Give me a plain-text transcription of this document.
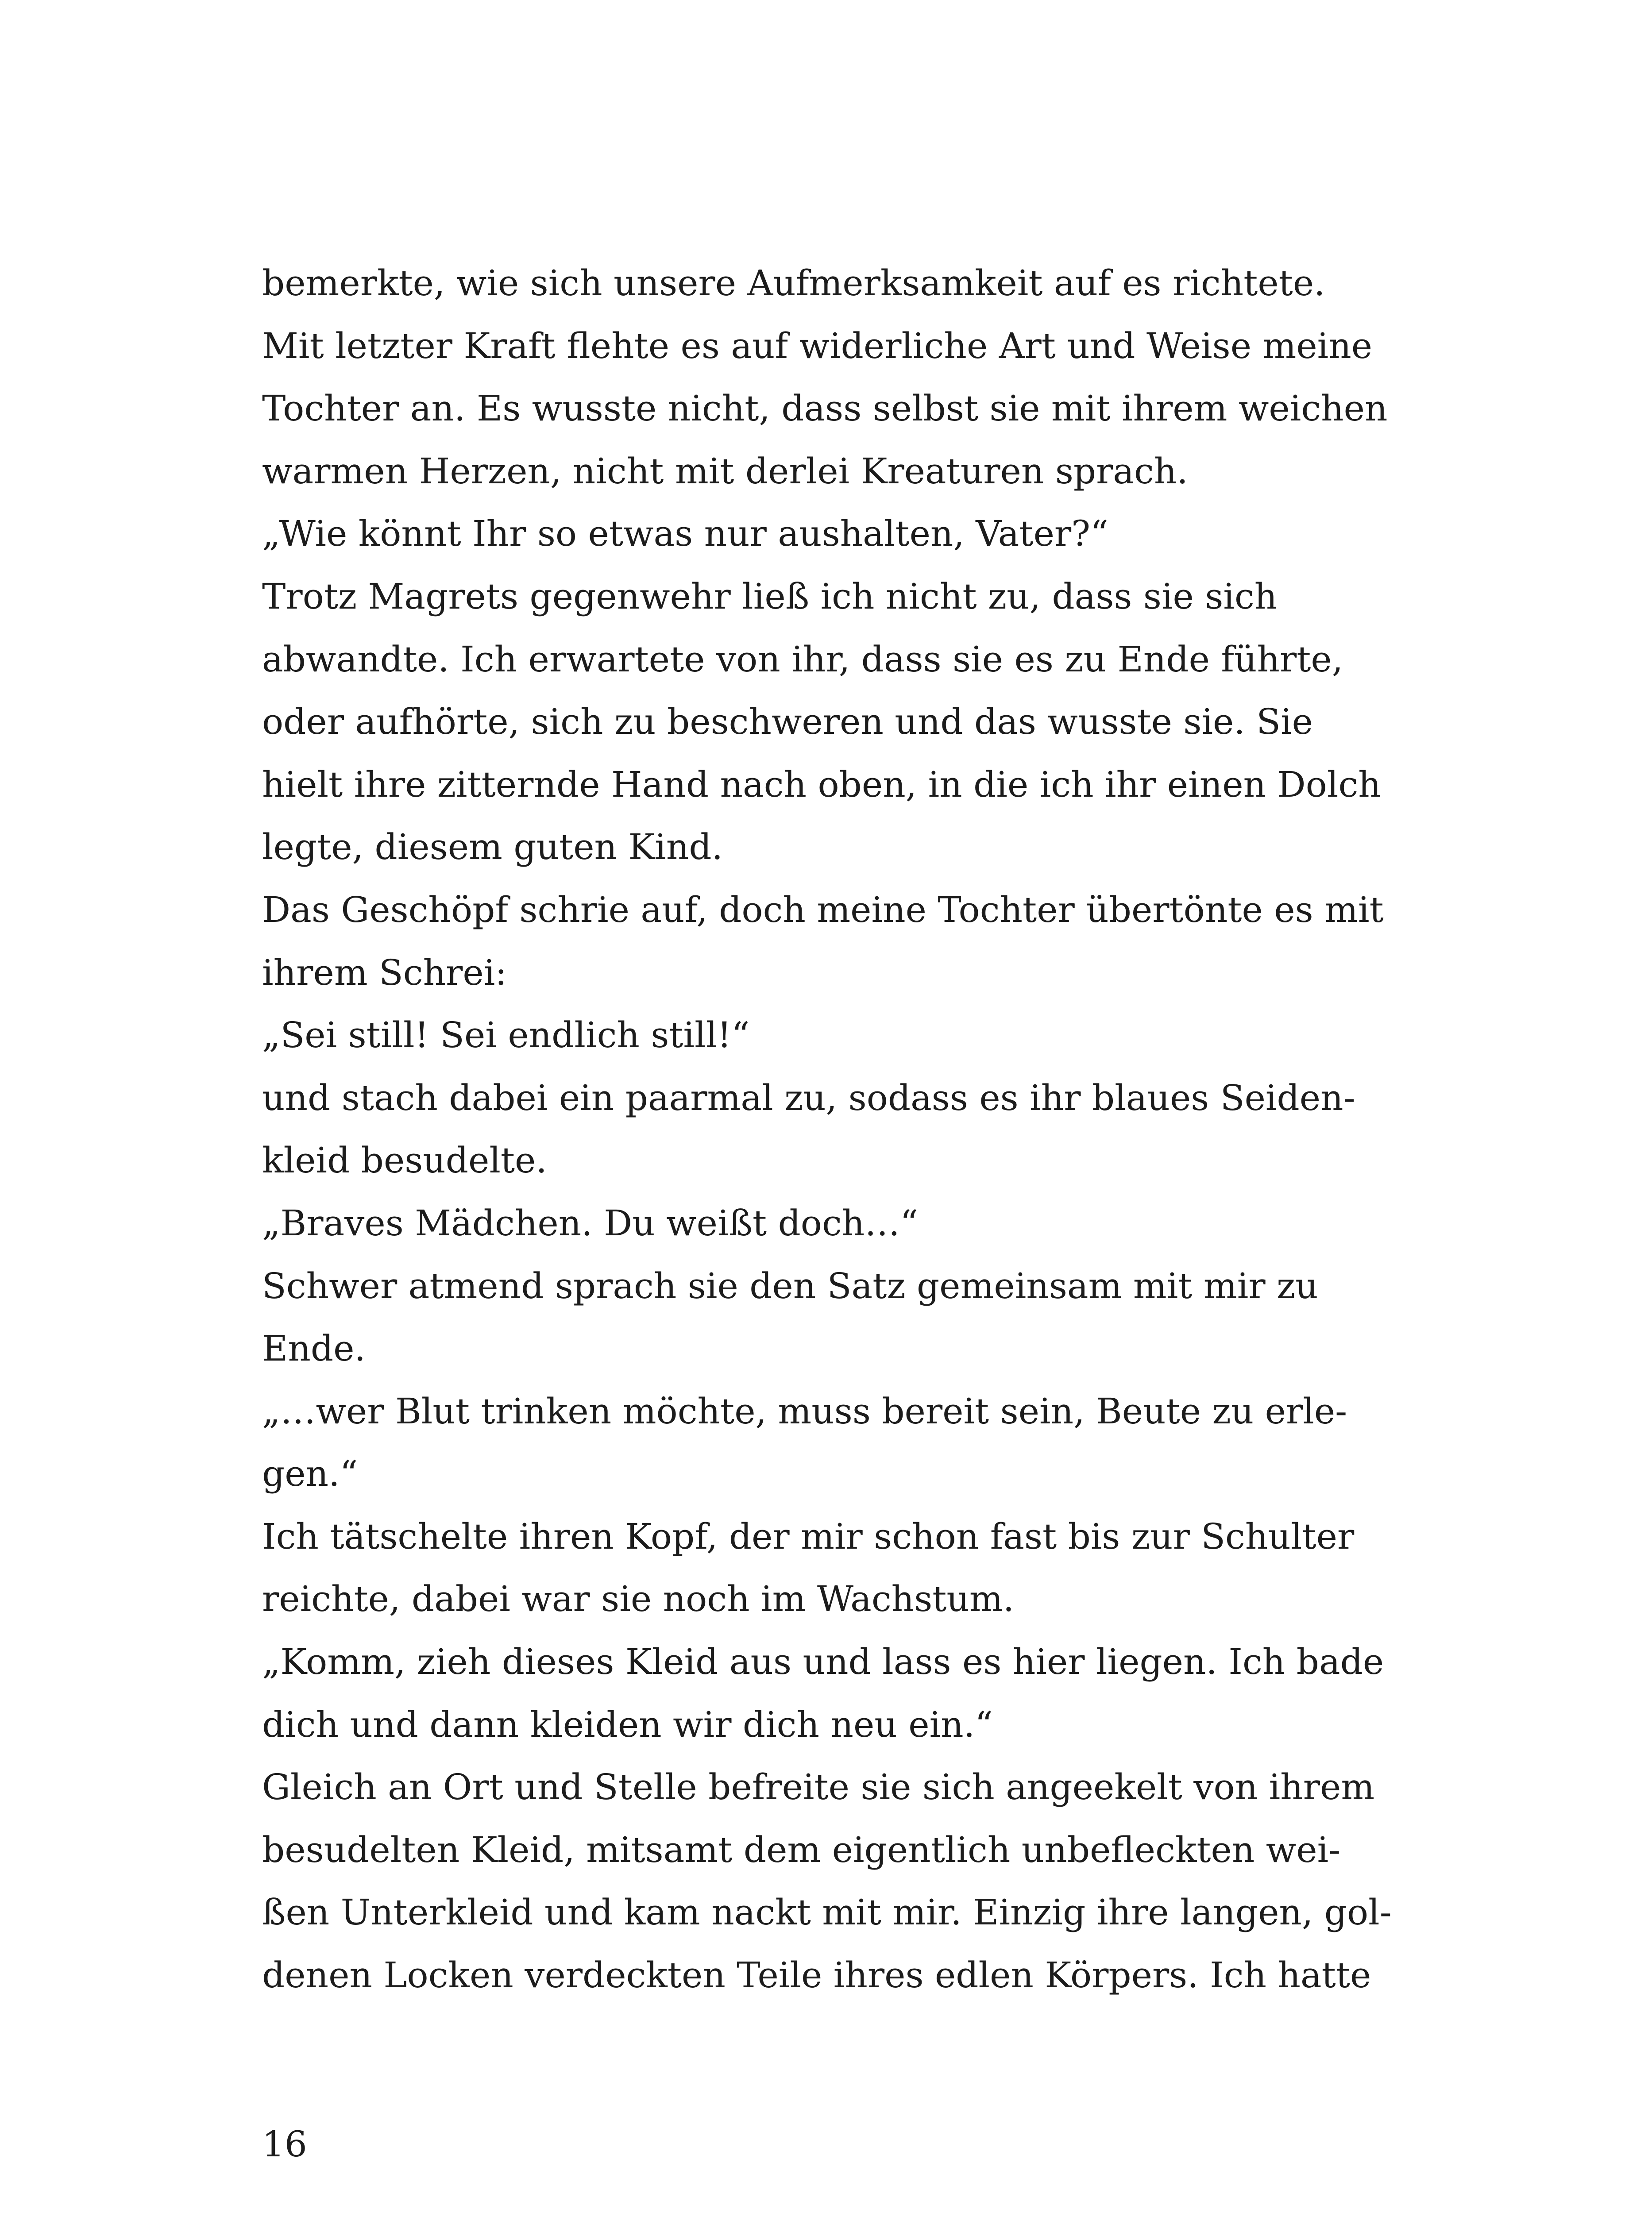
bemerkte, wie sich unsere Aufmerksamkeit auf es richtete.
Mit letzter Kraft flehte es auf widerliche Art und Weise meine
Tochter an. Es wusste nicht, dass selbst sie mit ihrem weichen
warmen Herzen, nicht mit derlei Kreaturen sprach.
„Wie könnt Ihr so etwas nur aushalten, Vater?“
Trotz Magrets gegenwehr ließ ich nicht zu, dass sie sich
abwandte. Ich erwartete von ihr, dass sie es zu Ende führte,
oder aufhörte, sich zu beschweren und das wusste sie. Sie
hielt ihre zitternde Hand nach oben, in die ich ihr einen Dolch
legte, diesem guten Kind.
Das Geschöpf schrie auf, doch meine Tochter übertönte es mit
ihrem Schrei:
„Sei still! Sei endlich still!“
und stach dabei ein paarmal zu, sodass es ihr blaues Seiden-
kleid besudelte.
„Braves Mädchen. Du weißt doch…“
Schwer atmend sprach sie den Satz gemeinsam mit mir zu
Ende.
„…wer Blut trinken möchte, muss bereit sein, Beute zu erle-
gen.“
Ich tätschelte ihren Kopf, der mir schon fast bis zur Schulter
reichte, dabei war sie noch im Wachstum.
„Komm, zieh dieses Kleid aus und lass es hier liegen. Ich bade
dich und dann kleiden wir dich neu ein.“
Gleich an Ort und Stelle befreite sie sich angeekelt von ihrem
besudelten Kleid, mitsamt dem eigentlich unbefleckten wei-
ßen Unterkleid und kam nackt mit mir. Einzig ihre langen, gol-
denen Locken verdeckten Teile ihres edlen Körpers. Ich hatte
16
